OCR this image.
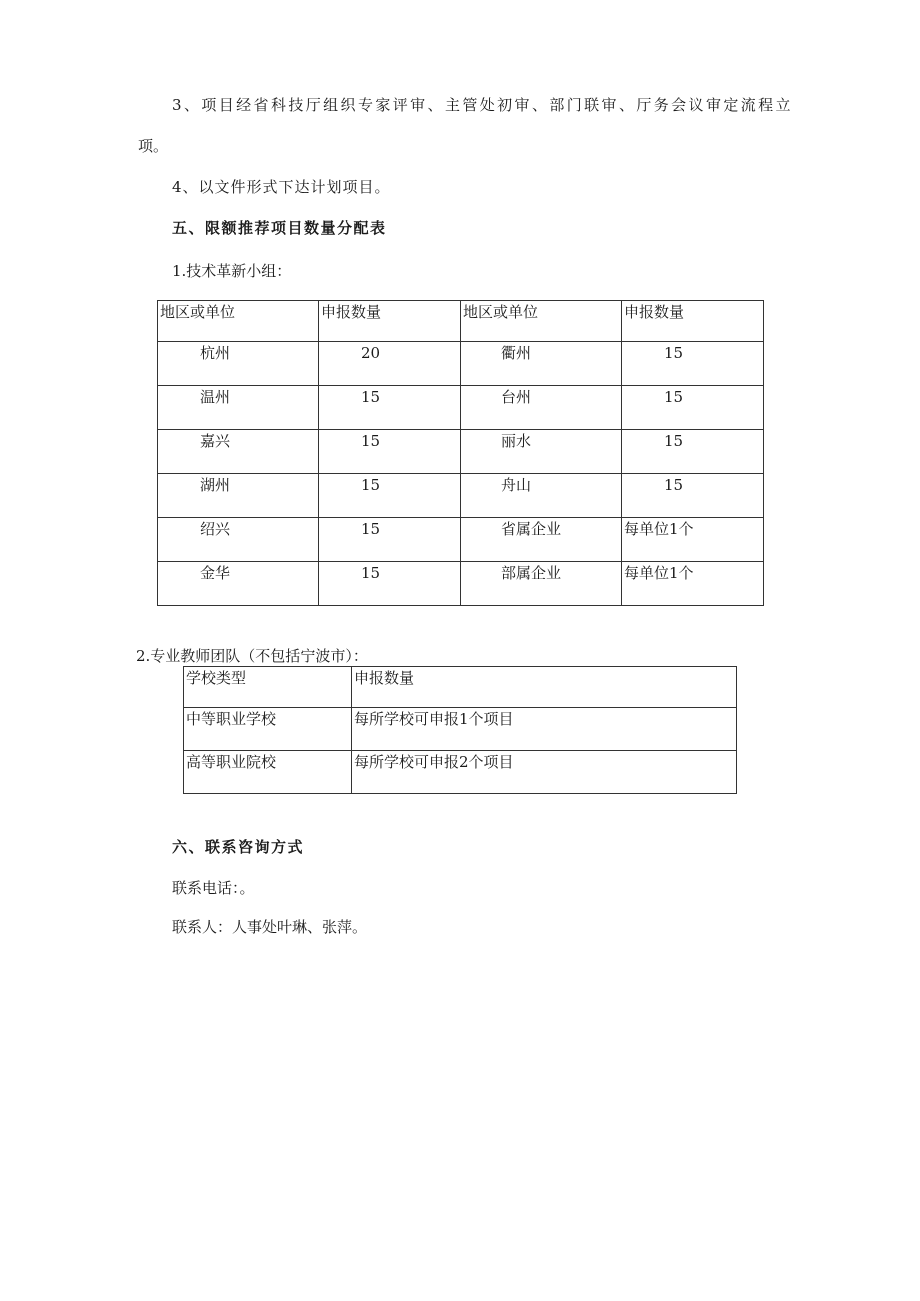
3、项目经省科技厅组织专家评审、主管处初审、部门联审、厅务会议审定流程立
项。
4、以文件形式下达计划项目。
五、限额推荐项目数量分配表
1.技术革新小组：
地区或单位	申报数量	地区或单位	申报数量

杭州	20	衢州	15

温州	15	台州	15

嘉兴	15	丽水	15

湖州	15	舟山	15

绍兴	15	省属企业	每单位1个

金华	15	部属企业	每单位1个
2.专业教师团队（不包括宁波市）：
学校类型	申报数量

中等职业学校	每所学校可申报1个项目

高等职业院校	每所学校可申报2个项目
六、联系咨询方式
联系电话：。
联系人：人事处叶琳、张萍。
